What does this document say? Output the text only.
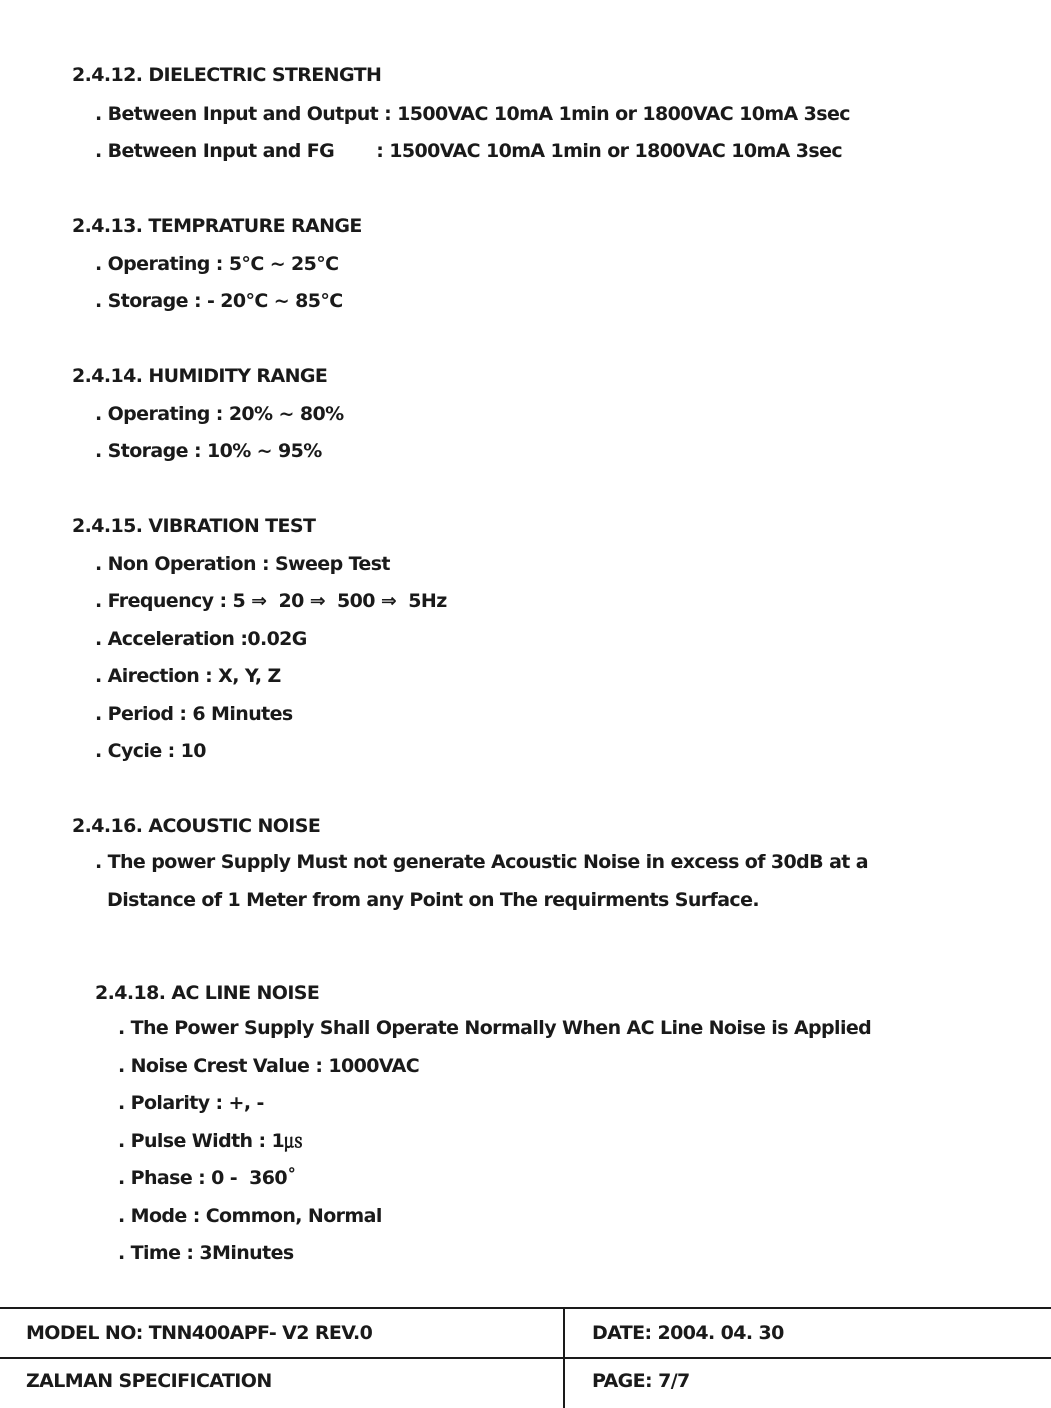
2.4.12. DIELECTRIC STRENGTH
. Between Input and Output : 1500VAC 10mA 1min or 1800VAC 10mA 3sec
. Between Input and FG       : 1500VAC 10mA 1min or 1800VAC 10mA 3sec
2.4.13. TEMPRATURE RANGE
. Operating : 5°C ~ 25°C
. Storage : - 20°C ~ 85°C
2.4.14. HUMIDITY RANGE
. Operating : 20% ~ 80%
. Storage : 10% ~ 95%
2.4.15. VIBRATION TEST
. Non Operation : Sweep Test
. Frequency : 5 ⇒  20 ⇒  500 ⇒  5Hz
. Acceleration :0.02G
. Airection : X, Y, Z
. Period : 6 Minutes
. Cycie : 10
2.4.16. ACOUSTIC NOISE
. The power Supply Must not generate Acoustic Noise in excess of 30dB at a
Distance of 1 Meter from any Point on The requirments Surface.
2.4.18. AC LINE NOISE
. The Power Supply Shall Operate Normally When AC Line Noise is Applied
. Noise Crest Value : 1000VAC
. Polarity : +, -
. Pulse Width : 1㎲
. Phase : 0 -  360˚
. Mode : Common, Normal
. Time : 3Minutes
MODEL NO: TNN400APF- V2 REV.0	DATE: 2004. 04. 30
ZALMAN SPECIFICATION	PAGE: 7/7
